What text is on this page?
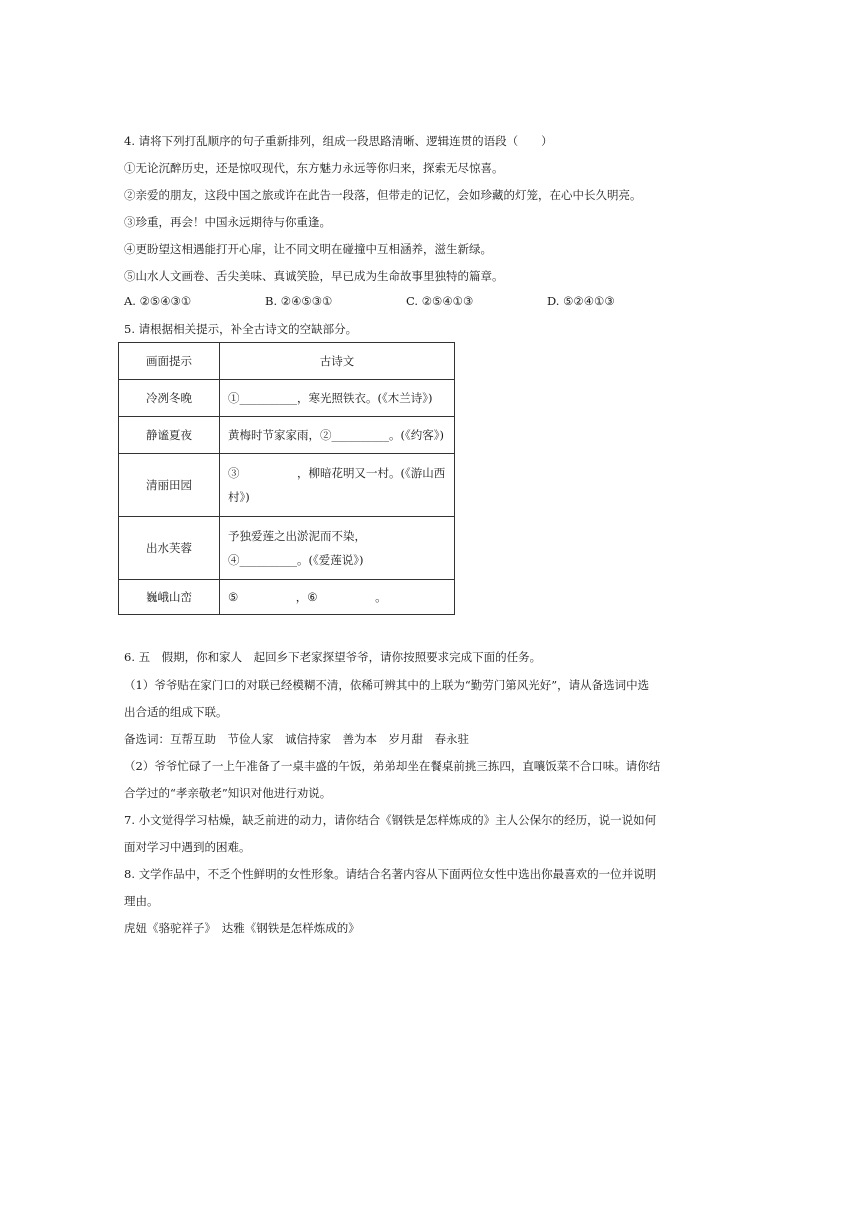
4. 请将下列打乱顺序的句子重新排列，组成一段思路清晰、逻辑连贯的语段（　　）
①无论沉醉历史，还是惊叹现代，东方魅力永远等你归来，探索无尽惊喜。
②亲爱的朋友，这段中国之旅或许在此告一段落，但带走的记忆，会如珍藏的灯笼，在心中长久明亮。
③珍重，再会！中国永远期待与你重逢。
④更盼望这相遇能打开心扉，让不同文明在碰撞中互相涵养，滋生新绿。
⑤山水人文画卷、舌尖美味、真诚笑脸，早已成为生命故事里独特的篇章。
A. ②⑤④③①	B. ②④⑤③①	C. ②⑤④①③	D. ⑤②④①③
5. 请根据相关提示，补全古诗文的空缺部分。
画面提示	古诗文
冷冽冬晚	①__________，寒光照铁衣。(《木兰诗》)
静谧夏夜	黄梅时节家家雨，②__________。(《约客》)
清丽田园	③　　　　　，柳暗花明又一村。(《游山西村》)
出水芙蓉	予独爱莲之出淤泥而不染，④__________。(《爱莲说》)
巍峨山峦	⑤　　　　　，⑥　　　　　。
6. 五　假期，你和家人　起回乡下老家探望爷爷，请你按照要求完成下面的任务。
（1）爷爷贴在家门口的对联已经模糊不清，依稀可辨其中的上联为“勤劳门第风光好”，请从备选词中选
出合适的组成下联。
备选词：互帮互助　节俭人家　诚信持家　善为本　岁月甜　春永驻
（2）爷爷忙碌了一上午准备了一桌丰盛的午饭，弟弟却坐在餐桌前挑三拣四，直嚷饭菜不合口味。请你结
合学过的“孝亲敬老”知识对他进行劝说。
7. 小文觉得学习枯燥，缺乏前进的动力，请你结合《钢铁是怎样炼成的》主人公保尔的经历，说一说如何
面对学习中遇到的困难。
8. 文学作品中，不乏个性鲜明的女性形象。请结合名著内容从下面两位女性中选出你最喜欢的一位并说明
理由。
虎妞《骆驼祥子》　达雅《钢铁是怎样炼成的》
